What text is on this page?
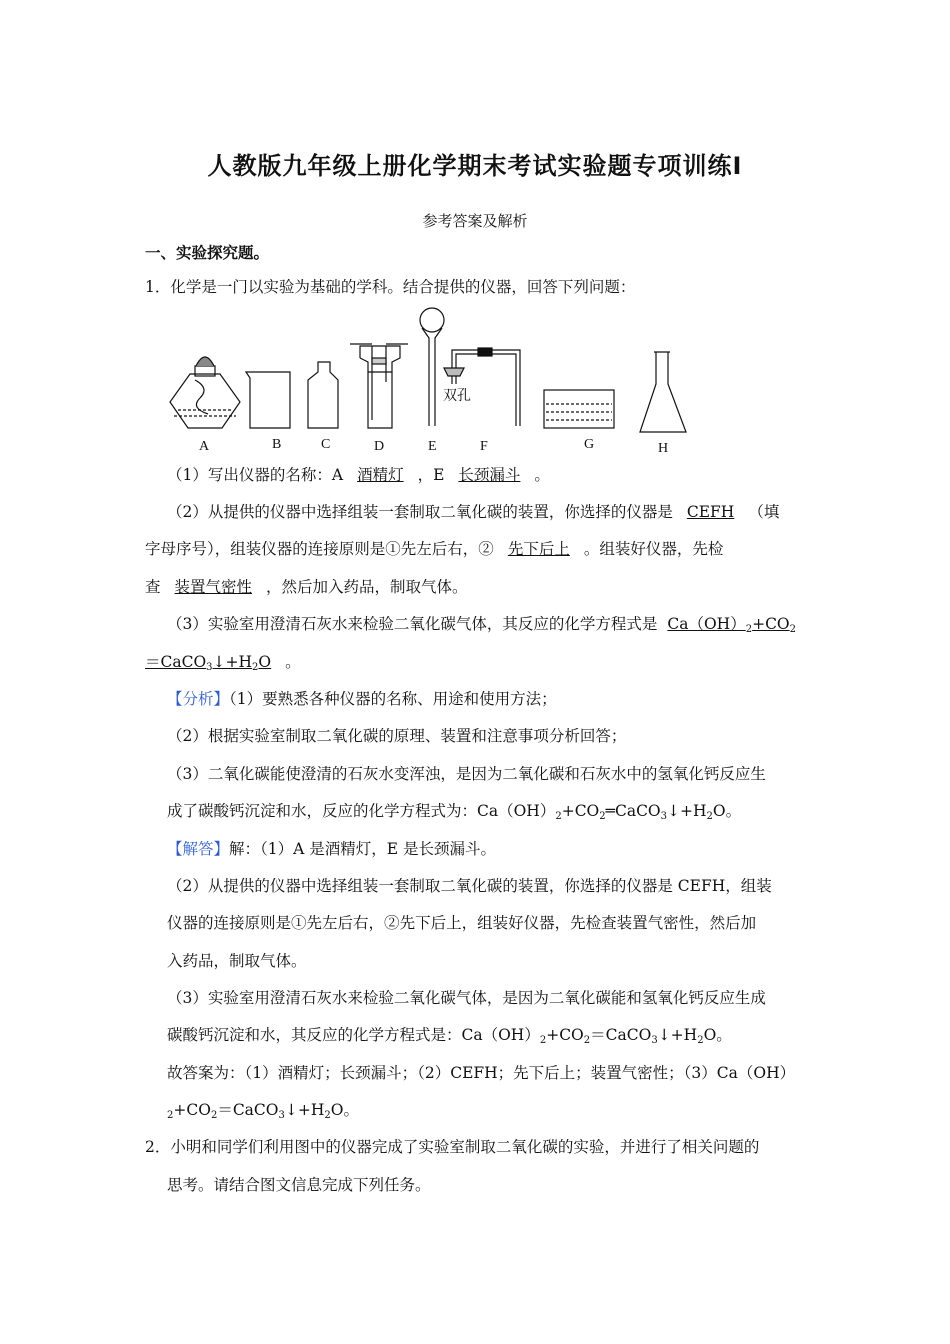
人教版九年级上册化学期末考试实验题专项训练Ⅰ
参考答案及解析
一、实验探究题。
1．化学是一门以实验为基础的学科。结合提供的仪器，回答下列问题：
双孔
A	B	C	D	E	F	G	H
（1）写出仪器的名称：A 酒精灯 ，E 长颈漏斗 。
（2）从提供的仪器中选择组装一套制取二氧化碳的装置，你选择的仪器是 CEFH （填
字母序号），组装仪器的连接原则是①先左后右，② 先下后上 。组装好仪器，先检
查 装置气密性 ，然后加入药品，制取气体。
（3）实验室用澄清石灰水来检验二氧化碳气体，其反应的化学方程式是 $Ca(OH)_2+CO_2$
$=CaCO_3↓+H_2O$ 。
【分析】（1）要熟悉各种仪器的名称、用途和使用方法；
（2）根据实验室制取二氧化碳的原理、装置和注意事项分析回答；
（3）二氧化碳能使澄清的石灰水变浑浊，是因为二氧化碳和石灰水中的氢氧化钙反应生
成了碳酸钙沉淀和水，反应的化学方程式为：$Ca(OH)_2+CO_2═CaCO_3↓+H_2O$。
【解答】解：（1）A 是酒精灯，E 是长颈漏斗。
（2）从提供的仪器中选择组装一套制取二氧化碳的装置，你选择的仪器是 CEFH，组装
仪器的连接原则是①先左后右，②先下后上，组装好仪器，先检查装置气密性，然后加
入药品，制取气体。
（3）实验室用澄清石灰水来检验二氧化碳气体，是因为二氧化碳能和氢氧化钙反应生成
碳酸钙沉淀和水，其反应的化学方程式是：$Ca(OH)_2+CO_2=CaCO_3↓+H_2O$。
故答案为：（1）酒精灯；长颈漏斗；（2）CEFH；先下后上；装置气密性；（3）Ca（OH）
$_2+CO_2=CaCO_3↓+H_2O$。
2．小明和同学们利用图中的仪器完成了实验室制取二氧化碳的实验，并进行了相关问题的
思考。请结合图文信息完成下列任务。
